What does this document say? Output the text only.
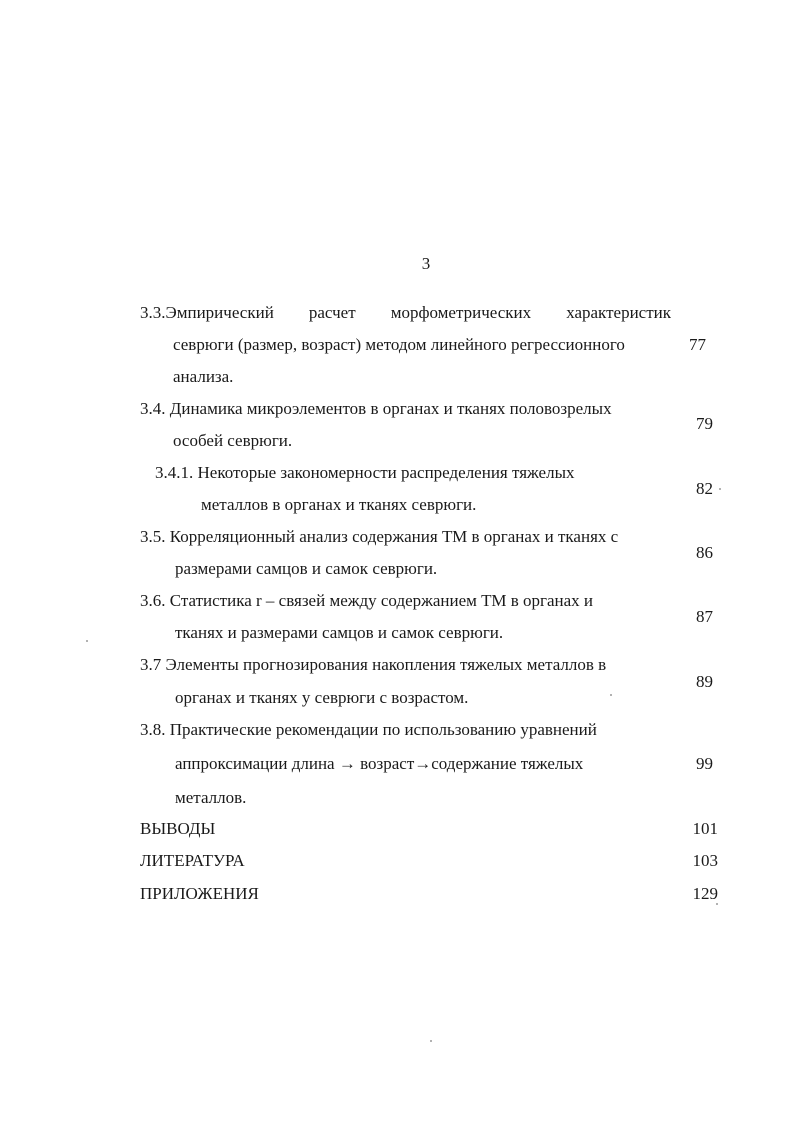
3
3.3.Эмпирический расчет морфометрических характеристик
севрюги (размер, возраст) методом линейного регрессионного
анализа.
77
3.4. Динамика микроэлементов в органах и тканях половозрелых
особей севрюги.
79
3.4.1. Некоторые закономерности распределения тяжелых
металлов в органах и тканях севрюги.
82
3.5. Корреляционный анализ содержания ТМ в органах и тканях с
размерами самцов и самок севрюги.
86
3.6. Статистика r – связей между содержанием ТМ в органах и
тканях и размерами самцов и самок севрюги.
87
3.7 Элементы прогнозирования накопления тяжелых металлов в
органах и тканях у севрюги с возрастом.
89
3.8. Практические рекомендации по использованию уравнений
аппроксимации длина → возраст→содержание тяжелых
металлов.
99
ВЫВОДЫ	101
ЛИТЕРАТУРА	103
ПРИЛОЖЕНИЯ	129
